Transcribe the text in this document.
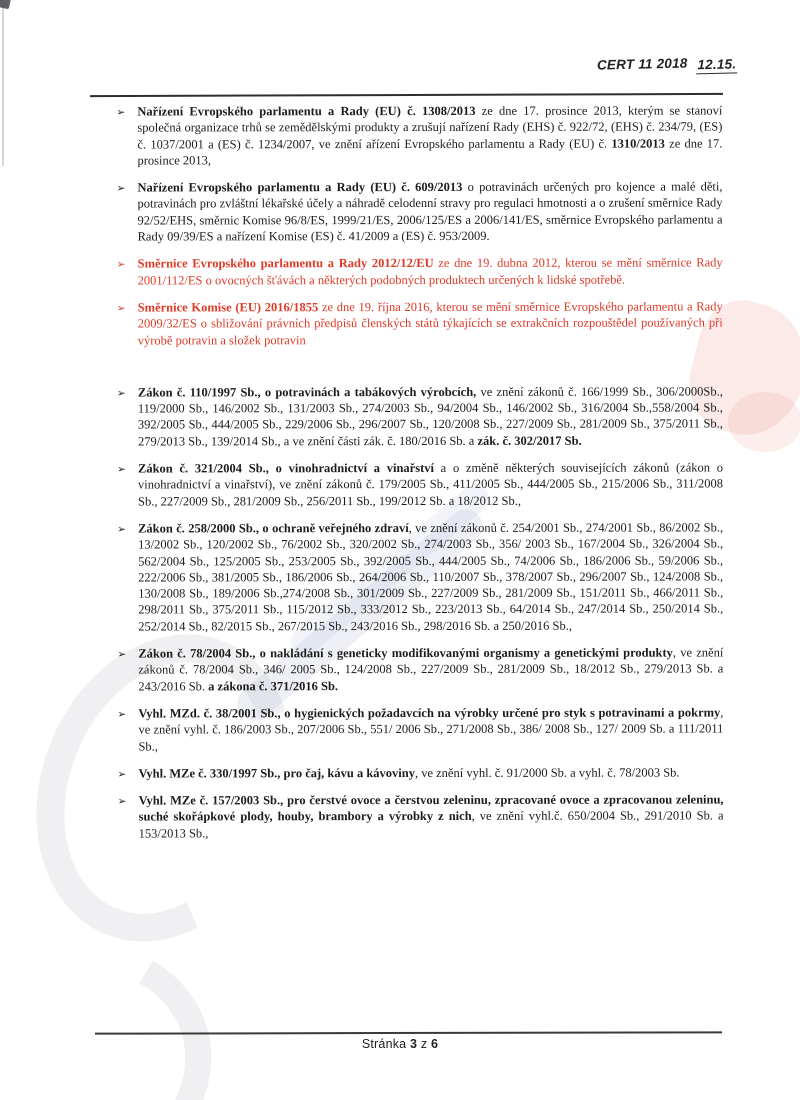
CERT 11 2018 12.15.
➢ Nařízení Evropského parlamentu a Rady (EU) č. 1308/2013 ze dne 17. prosince 2013, kterým se stanoví společná organizace trhů se zemědělskými produkty a zrušují nařízení Rady (EHS) č. 922/72, (EHS) č. 234/79, (ES) č. 1037/2001 a (ES) č. 1234/2007, ve znění ařízení Evropského parlamentu a Rady (EU) č. 1310/2013 ze dne 17. prosince 2013,
➢ Nařízení Evropského parlamentu a Rady (EU) č. 609/2013 o potravinách určených pro kojence a malé děti, potravinách pro zvláštní lékařské účely a náhradě celodenní stravy pro regulaci hmotnosti a o zrušení směrnice Rady 92/52/EHS, směrnic Komise 96/8/ES, 1999/21/ES, 2006/125/ES a 2006/141/ES, směrnice Evropského parlamentu a Rady 09/39/ES a nařízení Komise (ES) č. 41/2009 a (ES) č. 953/2009.
➢ Směrnice Evropského parlamentu a Rady 2012/12/EU ze dne 19. dubna 2012, kterou se mění směrnice Rady 2001/112/ES o ovocných šťávách a některých podobných produktech určených k lidské spotřebě.
➢ Směrnice Komise (EU) 2016/1855 ze dne 19. října 2016, kterou se mění směrnice Evropského parlamentu a Rady 2009/32/ES o sbližování právních předpisů členských států týkajících se extrakčních rozpouštědel používaných při výrobě potravin a složek potravin
➢ Zákon č. 110/1997 Sb., o potravinách a tabákových výrobcích, ve znění zákonů č. 166/1999 Sb., 306/2000Sb., 119/2000 Sb., 146/2002 Sb., 131/2003 Sb., 274/2003 Sb., 94/2004 Sb., 146/2002 Sb., 316/2004 Sb.,558/2004 Sb., 392/2005 Sb., 444/2005 Sb., 229/2006 Sb., 296/2007 Sb., 120/2008 Sb., 227/2009 Sb., 281/2009 Sb., 375/2011 Sb., 279/2013 Sb., 139/2014 Sb., a ve znění části zák. č. 180/2016 Sb. a zák. č. 302/2017 Sb.
➢ Zákon č. 321/2004 Sb., o vinohradnictví a vinařství a o změně některých souvisejících zákonů (zákon o vinohradnictví a vinařství), ve znění zákonů č. 179/2005 Sb., 411/2005 Sb., 444/2005 Sb., 215/2006 Sb., 311/2008 Sb., 227/2009 Sb., 281/2009 Sb., 256/2011 Sb., 199/2012 Sb. a 18/2012 Sb.,
➢ Zákon č. 258/2000 Sb., o ochraně veřejného zdraví, ve znění zákonů č. 254/2001 Sb., 274/2001 Sb., 86/2002 Sb., 13/2002 Sb., 120/2002 Sb., 76/2002 Sb., 320/2002 Sb., 274/2003 Sb., 356/ 2003 Sb., 167/2004 Sb., 326/2004 Sb., 562/2004 Sb., 125/2005 Sb., 253/2005 Sb., 392/2005 Sb., 444/2005 Sb., 74/2006 Sb., 186/2006 Sb., 59/2006 Sb., 222/2006 Sb., 381/2005 Sb., 186/2006 Sb., 264/2006 Sb., 110/2007 Sb., 378/2007 Sb., 296/2007 Sb., 124/2008 Sb., 130/2008 Sb., 189/2006 Sb.,274/2008 Sb., 301/2009 Sb., 227/2009 Sb., 281/2009 Sb., 151/2011 Sb., 466/2011 Sb., 298/2011 Sb., 375/2011 Sb., 115/2012 Sb., 333/2012 Sb., 223/2013 Sb., 64/2014 Sb., 247/2014 Sb., 250/2014 Sb., 252/2014 Sb., 82/2015 Sb., 267/2015 Sb., 243/2016 Sb., 298/2016 Sb. a 250/2016 Sb.,
➢ Zákon č. 78/2004 Sb., o nakládání s geneticky modifikovanými organismy a genetickými produkty, ve znění zákonů č. 78/2004 Sb., 346/ 2005 Sb., 124/2008 Sb., 227/2009 Sb., 281/2009 Sb., 18/2012 Sb., 279/2013 Sb. a 243/2016 Sb. a zákona č. 371/2016 Sb.
➢ Vyhl. MZd. č. 38/2001 Sb., o hygienických požadavcích na výrobky určené pro styk s potravinami a pokrmy, ve znění vyhl. č. 186/2003 Sb., 207/2006 Sb., 551/ 2006 Sb., 271/2008 Sb., 386/ 2008 Sb., 127/ 2009 Sb. a 111/2011 Sb.,
➢ Vyhl. MZe č. 330/1997 Sb., pro čaj, kávu a kávoviny, ve znění vyhl. č. 91/2000 Sb. a vyhl. č. 78/2003 Sb.
➢ Vyhl. MZe č. 157/2003 Sb., pro čerstvé ovoce a čerstvou zeleninu, zpracované ovoce a zpracovanou zeleninu, suché skořápkové plody, houby, brambory a výrobky z nich, ve znění vyhl.č. 650/2004 Sb., 291/2010 Sb. a 153/2013 Sb.,
Stránka 3 z 6
